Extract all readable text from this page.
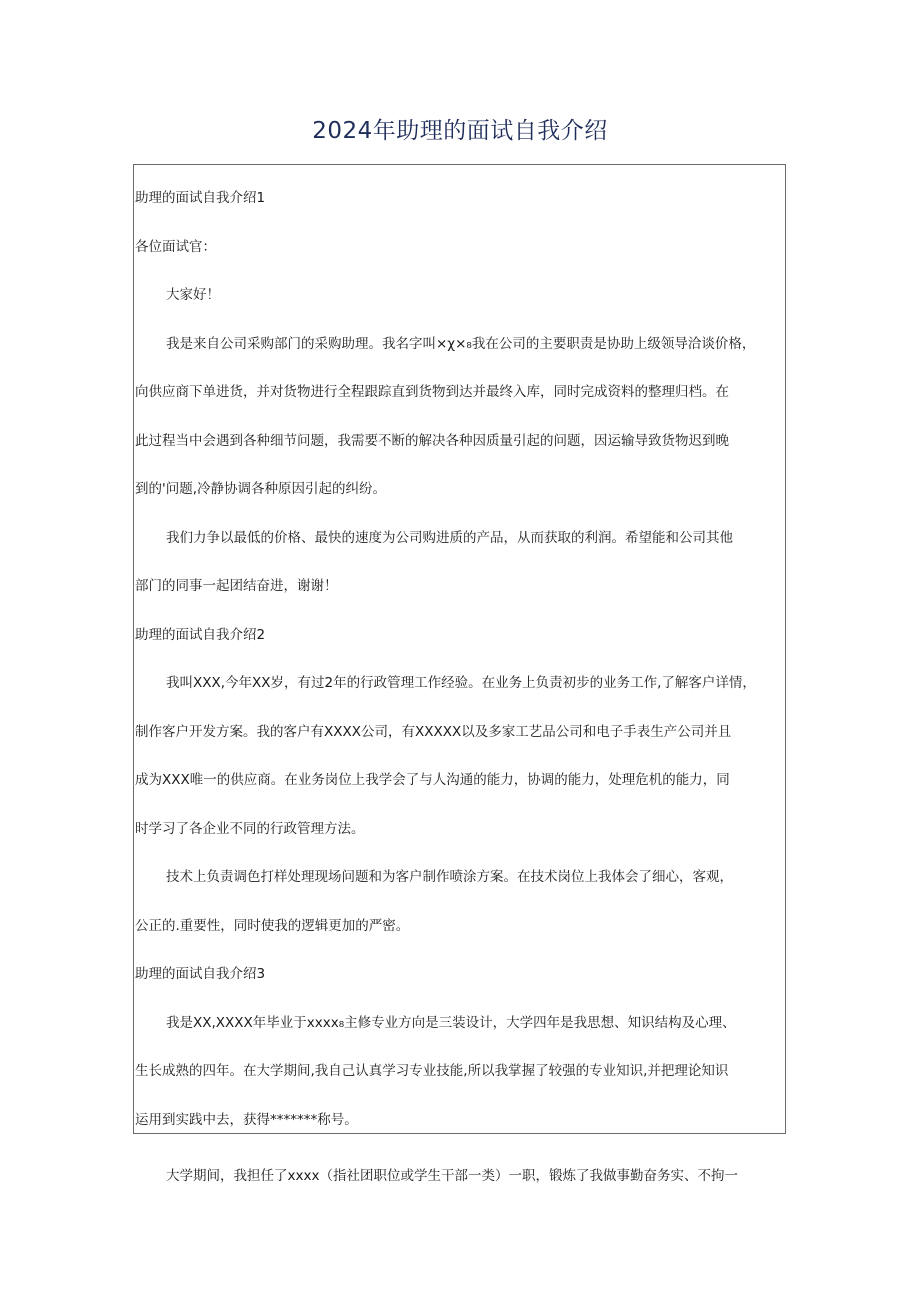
2024年助理的面试自我介绍
助理的面试自我介绍1
各位面试官：
大家好！
我是来自公司采购部门的采购助理。我名字叫×χ×₈我在公司的主要职责是协助上级领导洽谈价格，
向供应商下单进货，并对货物进行全程跟踪直到货物到达并最终入库，同时完成资料的整理归档。在
此过程当中会遇到各种细节问题，我需要不断的解决各种因质量引起的问题，因运输导致货物迟到晚
到的'问题,冷静协调各种原因引起的纠纷。
我们力争以最低的价格、最快的速度为公司购进质的产品，从而获取的利润。希望能和公司其他
部门的同事一起团结奋进，谢谢！
助理的面试自我介绍2
我叫XXX,今年XX岁，有过2年的行政管理工作经验。在业务上负责初步的业务工作,了解客户详情，
制作客户开发方案。我的客户有XXXX公司，有XXXXX以及多家工艺品公司和电子手表生产公司并且
成为XXX唯一的供应商。在业务岗位上我学会了与人沟通的能力，协调的能力，处理危机的能力，同
时学习了各企业不同的行政管理方法。
技术上负责调色打样处理现场问题和为客户制作喷涂方案。在技术岗位上我体会了细心，客观，
公正的.重要性，同时使我的逻辑更加的严密。
助理的面试自我介绍3
我是XX,XXXX年毕业于xxxx₈主修专业方向是三装设计，大学四年是我思想、知识结构及心理、
生长成熟的四年。在大学期间,我自己认真学习专业技能,所以我掌握了较强的专业知识,并把理论知识
运用到实践中去，获得*******称号。
大学期间，我担任了xxxx（指社团职位或学生干部一类）一职，锻炼了我做事勤奋务实、不拘一
